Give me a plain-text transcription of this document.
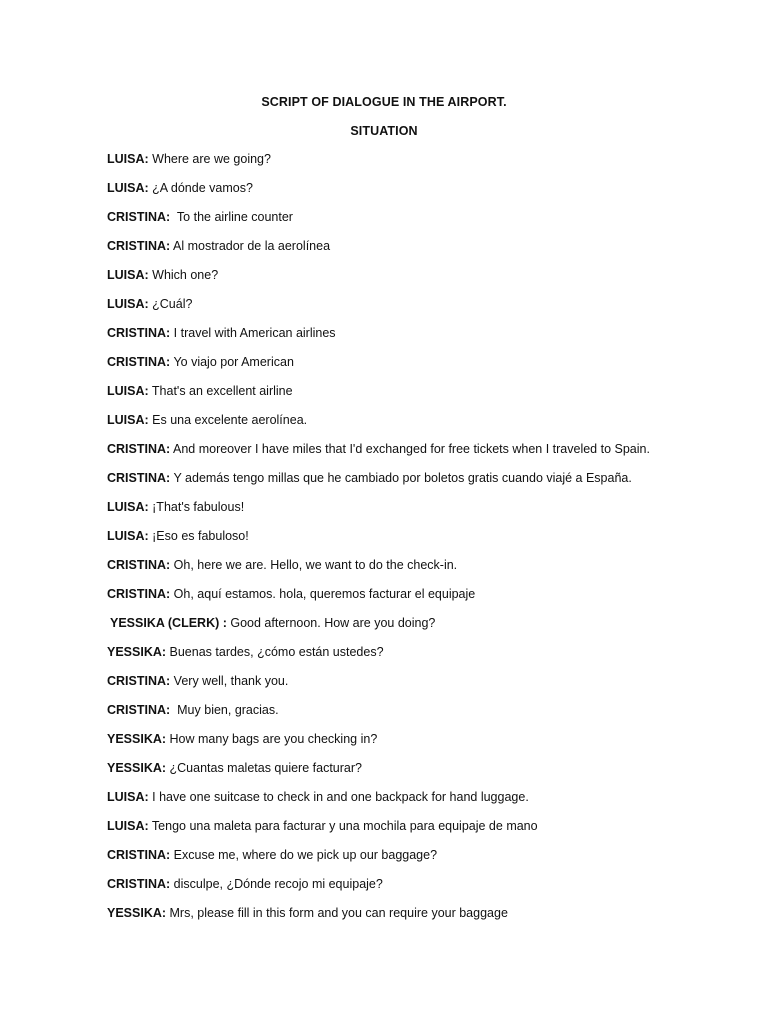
SCRIPT OF DIALOGUE IN THE AIRPORT.
SITUATION
LUISA: Where are we going?
LUISA: ¿A dónde vamos?
CRISTINA:  To the airline counter
CRISTINA: Al mostrador de la aerolínea
LUISA: Which one?
LUISA: ¿Cuál?
CRISTINA: I travel with American airlines
CRISTINA: Yo viajo por American
LUISA: That's an excellent airline
LUISA: Es una excelente aerolínea.
CRISTINA: And moreover I have miles that I'd exchanged for free tickets when I traveled to Spain.
CRISTINA: Y además tengo millas que he cambiado por boletos gratis cuando viajé a España.
LUISA: ¡That's fabulous!
LUISA: ¡Eso es fabuloso!
CRISTINA: Oh, here we are. Hello, we want to do the check-in.
CRISTINA: Oh, aquí estamos. hola, queremos facturar el equipaje
YESSIKA (CLERK) : Good afternoon. How are you doing?
YESSIKA: Buenas tardes, ¿cómo están ustedes?
CRISTINA: Very well, thank you.
CRISTINA:  Muy bien, gracias.
YESSIKA: How many bags are you checking in?
YESSIKA: ¿Cuantas maletas quiere facturar?
LUISA: I have one suitcase to check in and one backpack for hand luggage.
LUISA: Tengo una maleta para facturar y una mochila para equipaje de mano
CRISTINA: Excuse me, where do we pick up our baggage?
CRISTINA: disculpe, ¿Dónde recojo mi equipaje?
YESSIKA: Mrs, please fill in this form and you can require your baggage
